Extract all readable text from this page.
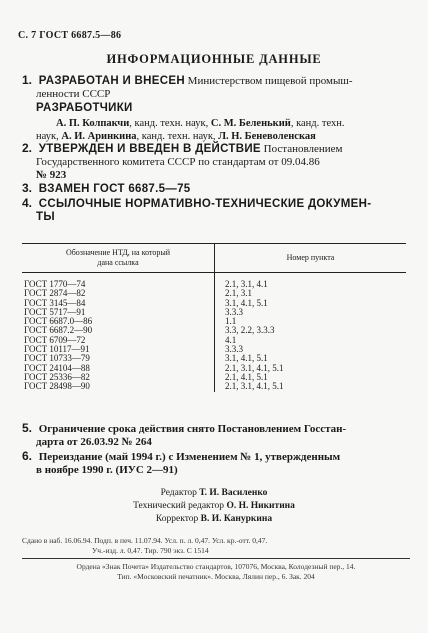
С. 7 ГОСТ 6687.5—86
ИНФОРМАЦИОННЫЕ ДАННЫЕ
1. РАЗРАБОТАН И ВНЕСЕН Министерством пищевой промыш-
ленности СССР
РАЗРАБОТЧИКИ
А. П. Колпакчи, канд. техн. наук, С. М. Беленький, канд. техн.
наук, А. И. Аринкина, канд. техн. наук, Л. Н. Беневоленская
2. УТВЕРЖДЕН И ВВЕДЕН В ДЕЙСТВИЕ Постановлением
Государственного комитета СССР по стандартам от 09.04.86
№ 923
3. ВЗАМЕН ГОСТ 6687.5—75
4. ССЫЛОЧНЫЕ НОРМАТИВНО-ТЕХНИЧЕСКИЕ ДОКУМЕН-
ТЫ
Обозначение НТД, на который
дана ссылка	Номер пункта
ГОСТ 1770—74	2.1, 3.1, 4.1
ГОСТ 2874—82	2.1, 3.1
ГОСТ 3145—84	3.1, 4.1, 5.1
ГОСТ 5717—91	3.3.3
ГОСТ 6687.0—86	1.1
ГОСТ 6687.2—90	3.3, 2.2, 3.3.3
ГОСТ 6709—72	4.1
ГОСТ 10117—91	3.3.3
ГОСТ 10733—79	3.1, 4.1, 5.1
ГОСТ 24104—88	2.1, 3.1, 4.1, 5.1
ГОСТ 25336—82	2.1, 4.1, 5.1
ГОСТ 28498—90	2.1, 3.1, 4.1, 5.1
5. Ограничение срока действия снято Постановлением Госстан-
дарта от 26.03.92 № 264
6. Переиздание (май 1994 г.) с Изменением № 1, утвержденным
в ноябре 1990 г. (ИУС 2—91)
Редактор Т. И. Василенко
Технический редактор О. Н. Никитина
Корректор В. И. Кануркина
Сдано в наб. 16.06.94. Подп. в печ. 11.07.94. Усл. п. л. 0,47. Усл. кр.-отт. 0,47.
Уч.-изд. л. 0,47. Тир. 790 экз. С 1514
Ордена «Знак Почета» Издательство стандартов, 107076, Москва, Колодезный пер., 14.
Тип. «Московский печатник». Москва, Лялин пер., 6. Зак. 204
